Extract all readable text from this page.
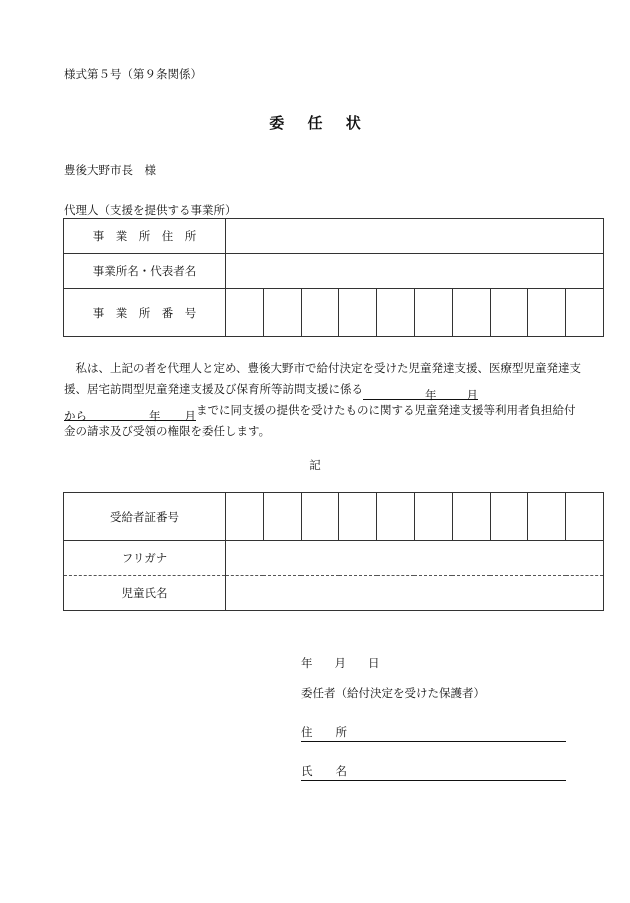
様式第５号（第９条関係）
委 任 状
豊後大野市長　様
代理人（支援を提供する事業所）
事　業　所　住　所										
事業所名・代表者名										
事　業　所　番　号										
　私は、上記の者を代理人と定め、豊後大野市で給付決定を受けた児童発達支援、医療型児童発達支援、居宅訪問型児童発達支援及び保育所等訪問支援に係る	年	月
から	年 月までに同支援の提供を受けたものに関する児童発達支援等利用者負担給付金の請求及び受領の権限を委任します。
記
受給者証番号										
フリガナ										
児童氏名										
年 月 日
委任者（給付決定を受けた保護者）
住　　所
氏　　名
